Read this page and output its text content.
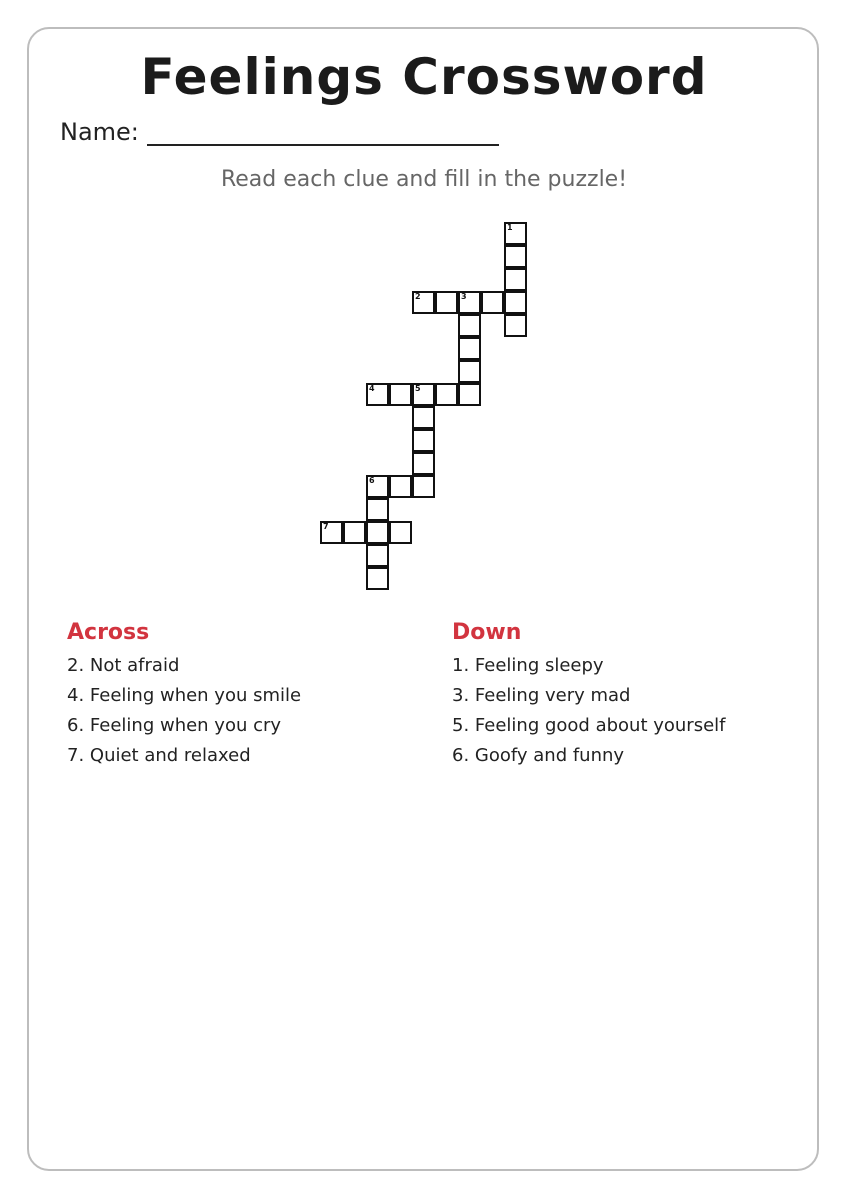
Feelings Crossword
Name:
Read each clue and fill in the puzzle!
1
2	3
4	5
6
7
Across
2. Not afraid
4. Feeling when you smile
6. Feeling when you cry
7. Quiet and relaxed
Down
1. Feeling sleepy
3. Feeling very mad
5. Feeling good about yourself
6. Goofy and funny
